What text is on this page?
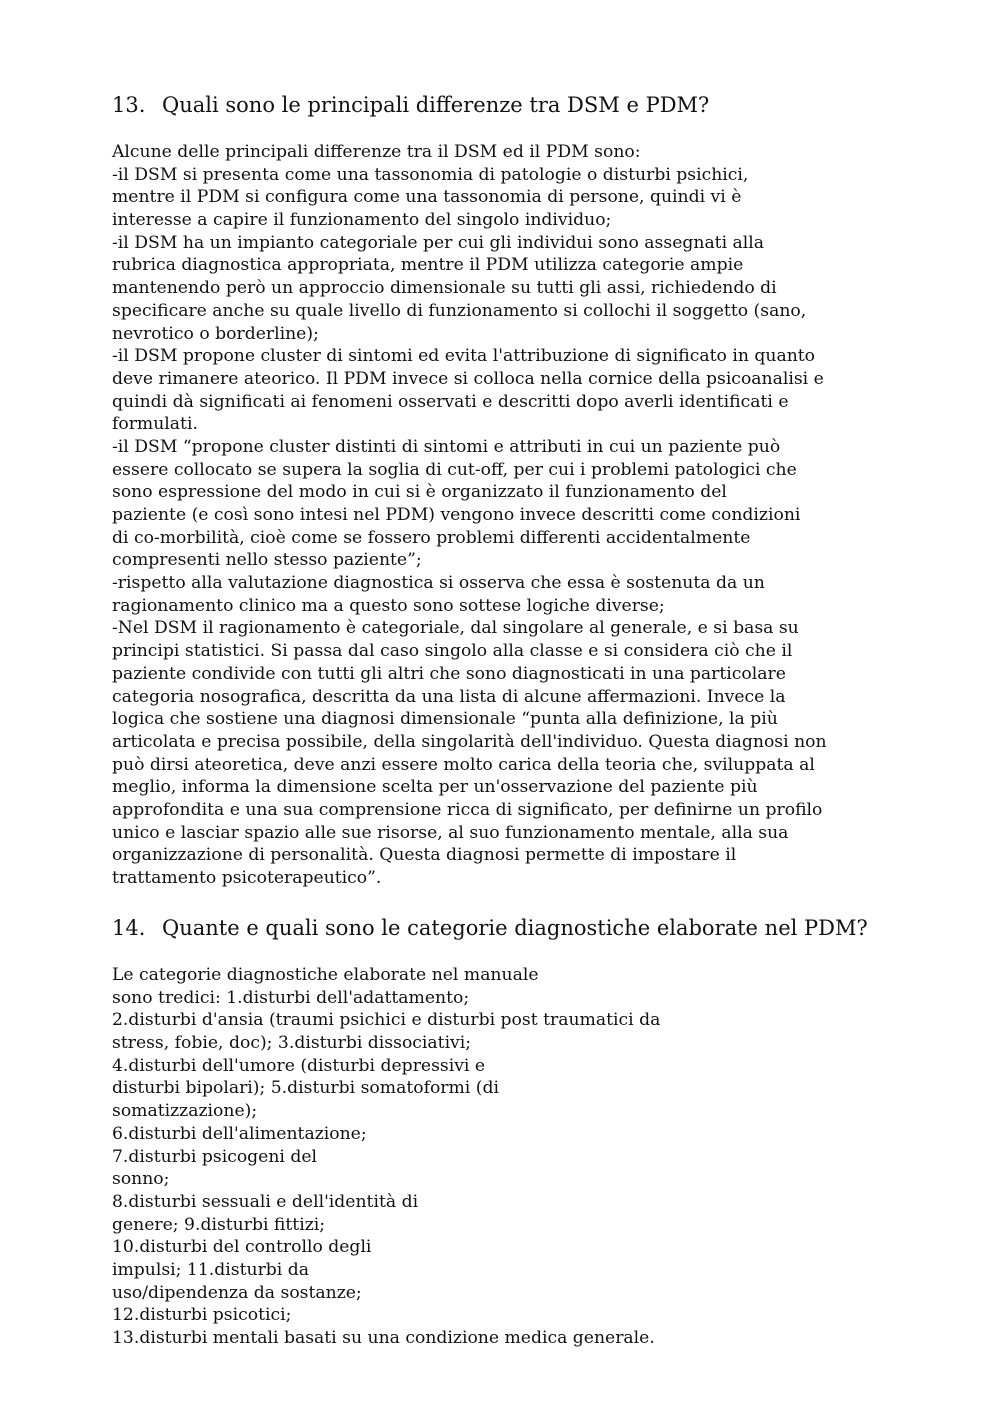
13. Quali sono le principali differenze tra DSM e PDM?
Alcune delle principali differenze tra il DSM ed il PDM sono:
-il DSM si presenta come una tassonomia di patologie o disturbi psichici,
mentre il PDM si configura come una tassonomia di persone, quindi vi è
interesse a capire il funzionamento del singolo individuo;
-il DSM ha un impianto categoriale per cui gli individui sono assegnati alla
rubrica diagnostica appropriata, mentre il PDM utilizza categorie ampie
mantenendo però un approccio dimensionale su tutti gli assi, richiedendo di
specificare anche su quale livello di funzionamento si collochi il soggetto (sano,
nevrotico o borderline);
-il DSM propone cluster di sintomi ed evita l'attribuzione di significato in quanto
deve rimanere ateorico. Il PDM invece si colloca nella cornice della psicoanalisi e
quindi dà significati ai fenomeni osservati e descritti dopo averli identificati e
formulati.
-il DSM “propone cluster distinti di sintomi e attributi in cui un paziente può
essere collocato se supera la soglia di cut-off, per cui i problemi patologici che
sono espressione del modo in cui si è organizzato il funzionamento del
paziente (e così sono intesi nel PDM) vengono invece descritti come condizioni
di co-morbilità, cioè come se fossero problemi differenti accidentalmente
compresenti nello stesso paziente”;
-rispetto alla valutazione diagnostica si osserva che essa è sostenuta da un
ragionamento clinico ma a questo sono sottese logiche diverse;
-Nel DSM il ragionamento è categoriale, dal singolare al generale, e si basa su
principi statistici. Si passa dal caso singolo alla classe e si considera ciò che il
paziente condivide con tutti gli altri che sono diagnosticati in una particolare
categoria nosografica, descritta da una lista di alcune affermazioni. Invece la
logica che sostiene una diagnosi dimensionale “punta alla definizione, la più
articolata e precisa possibile, della singolarità dell'individuo. Questa diagnosi non
può dirsi ateoretica, deve anzi essere molto carica della teoria che, sviluppata al
meglio, informa la dimensione scelta per un'osservazione del paziente più
approfondita e una sua comprensione ricca di significato, per definirne un profilo
unico e lasciar spazio alle sue risorse, al suo funzionamento mentale, alla sua
organizzazione di personalità. Questa diagnosi permette di impostare il
trattamento psicoterapeutico”.
14. Quante e quali sono le categorie diagnostiche elaborate nel PDM?
Le categorie diagnostiche elaborate nel manuale
sono tredici: 1.disturbi dell'adattamento;
2.disturbi d'ansia (traumi psichici e disturbi post traumatici da
stress, fobie, doc); 3.disturbi dissociativi;
4.disturbi dell'umore (disturbi depressivi e
disturbi bipolari); 5.disturbi somatoformi (di
somatizzazione);
6.disturbi dell'alimentazione;
7.disturbi psicogeni del
sonno;
8.disturbi sessuali e dell'identità di
genere; 9.disturbi fittizi;
10.disturbi del controllo degli
impulsi; 11.disturbi da
uso/dipendenza da sostanze;
12.disturbi psicotici;
13.disturbi mentali basati su una condizione medica generale.
